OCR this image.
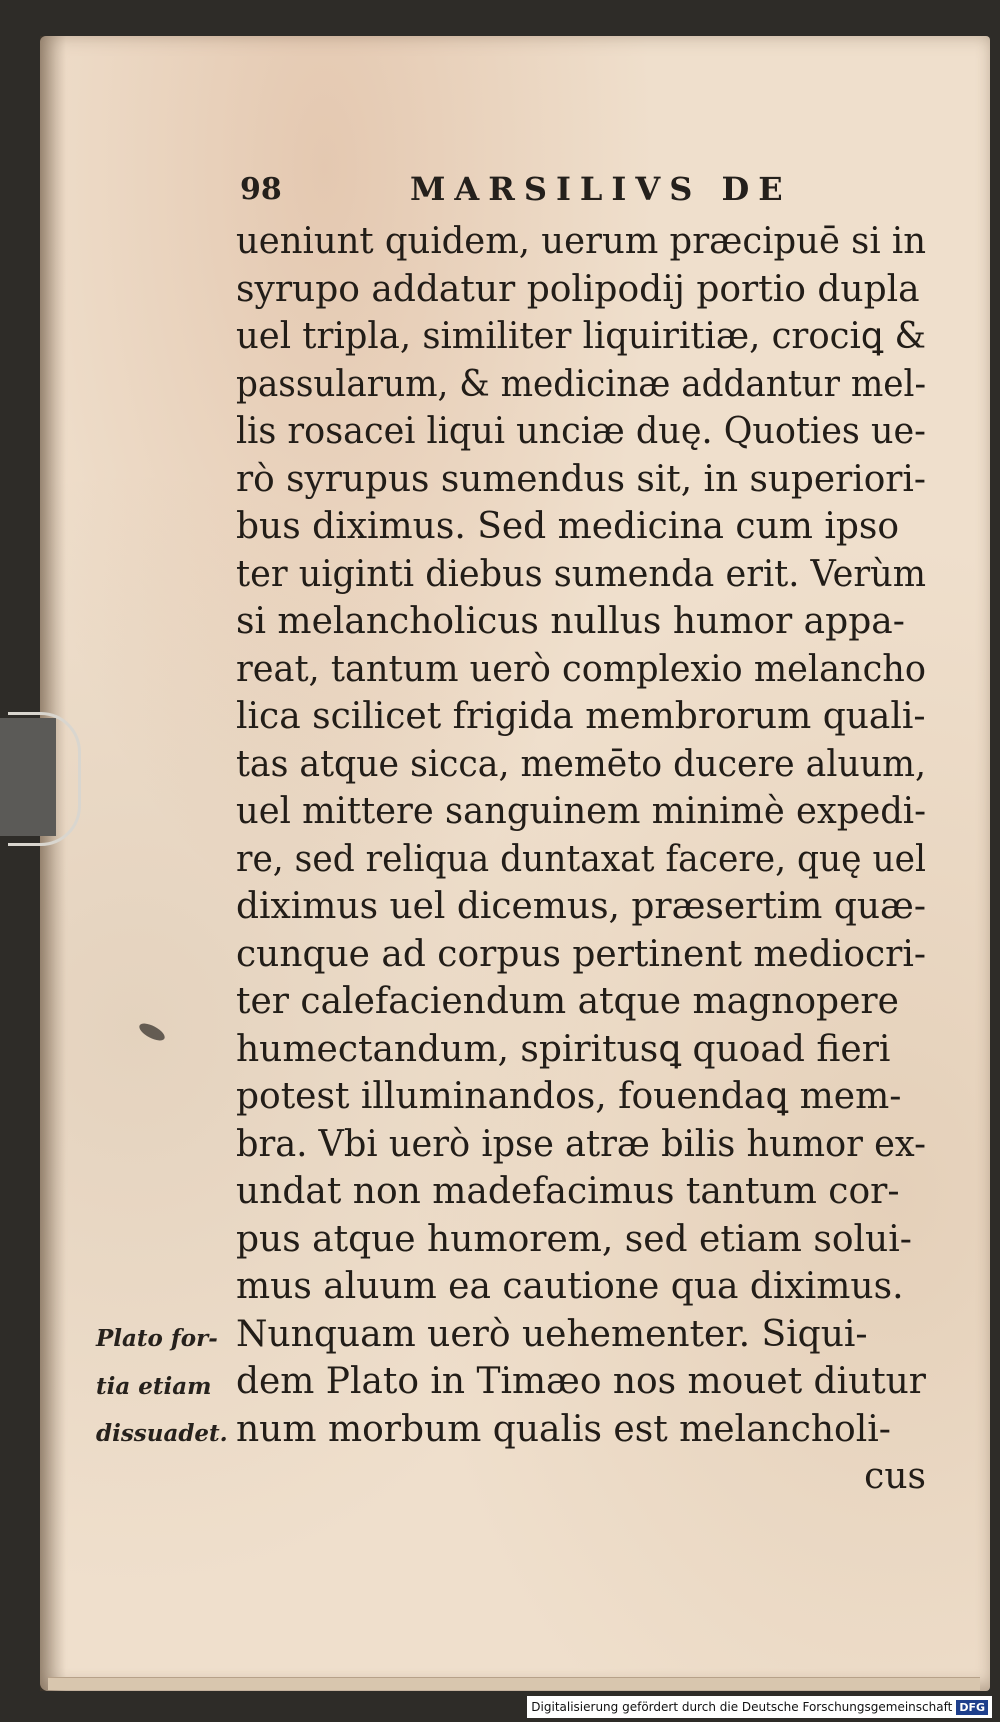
98	MARSILIVS DE
ueniunt quidem, uerum præcipuē si in
syrupo addatur polipodij portio dupla
uel tripla, similiter liquiritiæ, crociꝗ &
passularum, & medicinæ addantur mel-
lis rosacei liqui unciæ duę. Quoties ue-
rò syrupus sumendus sit, in superiori-
bus diximus. Sed medicina cum ipso
ter uiginti diebus sumenda erit. Verùm
si melancholicus nullus humor appa-
reat, tantum uerò complexio melancho
lica scilicet frigida membrorum quali-
tas atque sicca, memēto ducere aluum,
uel mittere sanguinem minimè expedi-
re, sed reliqua duntaxat facere, quę uel
diximus uel dicemus, præsertim quæ-
cunque ad corpus pertinent mediocri-
ter calefaciendum atque magnopere
humectandum, spiritusꝗ quoad fieri
potest illuminandos, fouendaꝗ mem-
bra. Vbi uerò ipse atræ bilis humor ex-
undat non madefacimus tantum cor-
pus atque humorem, sed etiam solui-
mus aluum ea cautione qua diximus.
Nunquam uerò uehementer. Siqui-
dem Plato in Timæo nos mouet diutur
num morbum qualis est melancholi-
cus
Plato for-
tia etiam
dissuadet.
Digitalisierung gefördert durch die Deutsche Forschungsgemeinschaft DFG
